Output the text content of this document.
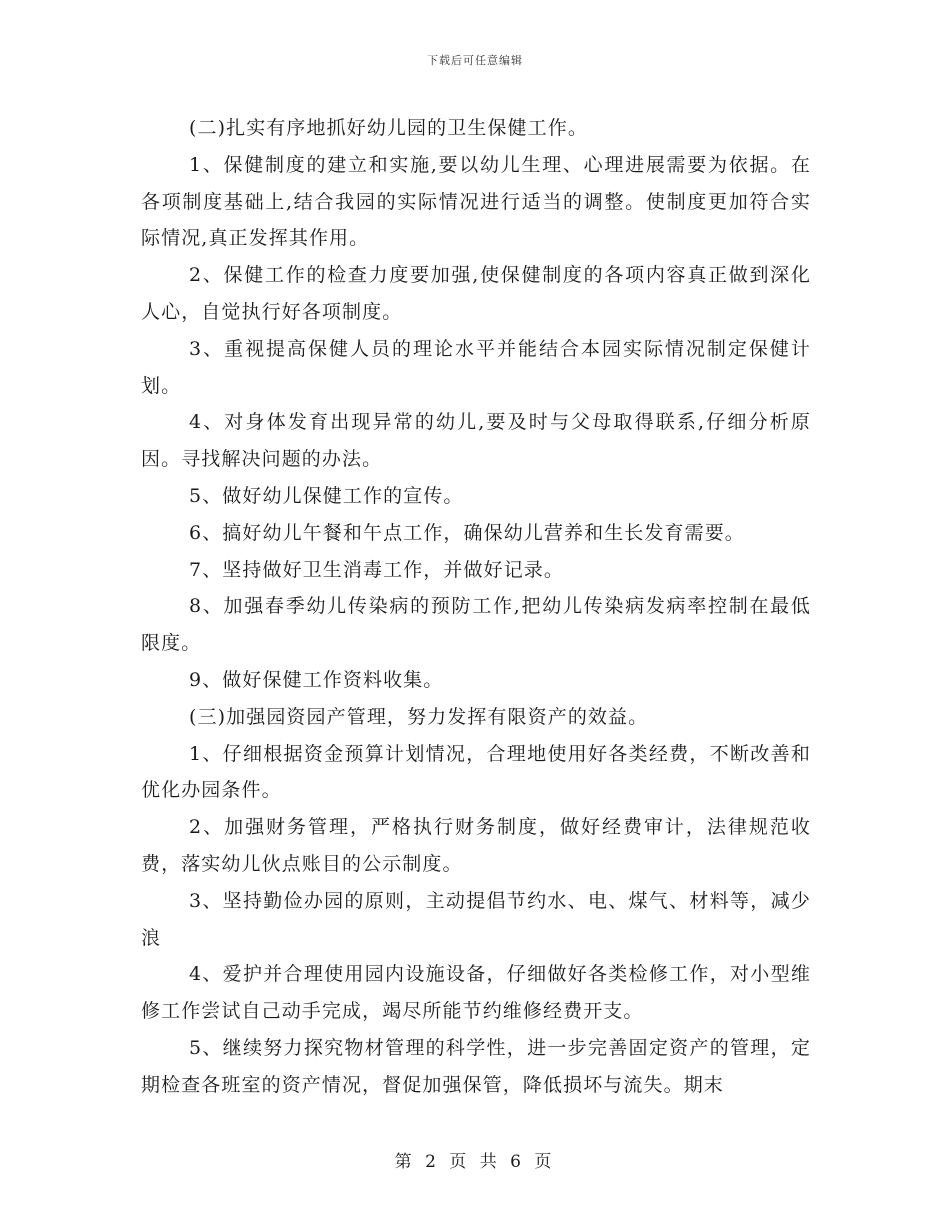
下载后可任意编辑

(二)扎实有序地抓好幼儿园的卫生保健工作。

1、保健制度的建立和实施,要以幼儿生理、心理进展需要为依据。在各项制度基础上,结合我园的实际情况进行适当的调整。使制度更加符合实际情况,真正发挥其作用。

2、保健工作的检查力度要加强,使保健制度的各项内容真正做到深化人心，自觉执行好各项制度。

3、重视提高保健人员的理论水平并能结合本园实际情况制定保健计划。

4、对身体发育出现异常的幼儿,要及时与父母取得联系,仔细分析原因。寻找解决问题的办法。

5、做好幼儿保健工作的宣传。

6、搞好幼儿午餐和午点工作，确保幼儿营养和生长发育需要。

7、坚持做好卫生消毒工作，并做好记录。

8、加强春季幼儿传染病的预防工作,把幼儿传染病发病率控制在最低限度。

9、做好保健工作资料收集。

(三)加强园资园产管理，努力发挥有限资产的效益。

1、仔细根据资金预算计划情况，合理地使用好各类经费，不断改善和优化办园条件。

2、加强财务管理，严格执行财务制度，做好经费审计，法律规范收费，落实幼儿伙点账目的公示制度。

3、坚持勤俭办园的原则，主动提倡节约水、电、煤气、材料等，减少浪

4、爱护并合理使用园内设施设备，仔细做好各类检修工作，对小型维修工作尝试自己动手完成，竭尽所能节约维修经费开支。

5、继续努力探究物材管理的科学性，进一步完善固定资产的管理，定期检查各班室的资产情况，督促加强保管，降低损坏与流失。期末

第 2 页 共 6 页
